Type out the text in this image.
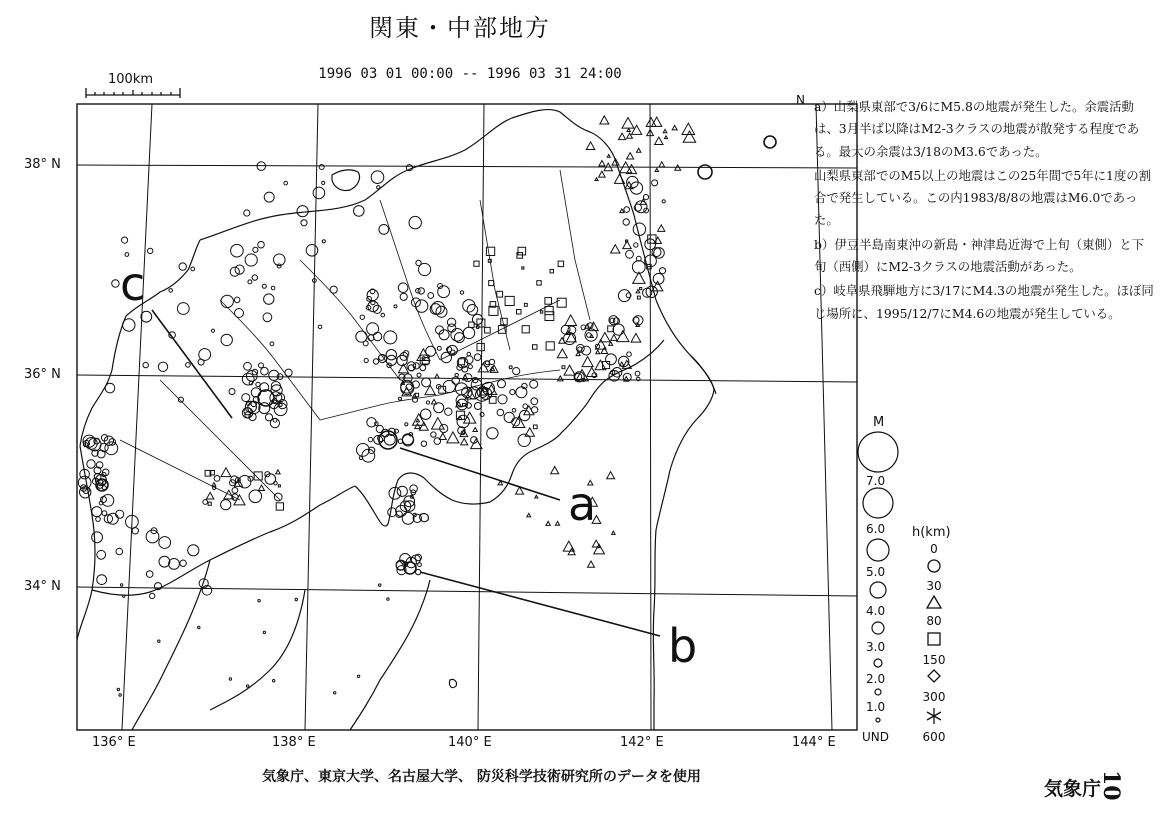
関東・中部地方
1996 03 01 00:00 -- 1996 03 31 24:00
100km
38° N
36° N
34° N
136° E	138° E	140° E	142° E	144° E
N
a
b
c
M
7.0
6.0
5.0
4.0
3.0
2.0
1.0
UND
h(km)
0
30
80
150
300
600

a）山梨県東部で3/6にM5.8の地震が発生した。余震活動は、3月半ば以降はM2-3クラスの地震が散発する程度である。最大の余震は3/18のM3.6であった。

山梨県東部でのM5以上の地震はこの25年間で5年に1度の割合で発生している。この内1983/8/8の地震はM6.0であった。

b）伊豆半島南東沖の新島・神津島近海で上旬（東側）と下旬（西側）にM2-3クラスの地震活動があった。

c）岐阜県飛騨地方に3/17にM4.3の地震が発生した。ほぼ同じ場所に、1995/12/7にM4.6の地震が発生している。

気象庁、東京大学、名古屋大学、 防災科学技術研究所のデータを使用
気象庁
10
